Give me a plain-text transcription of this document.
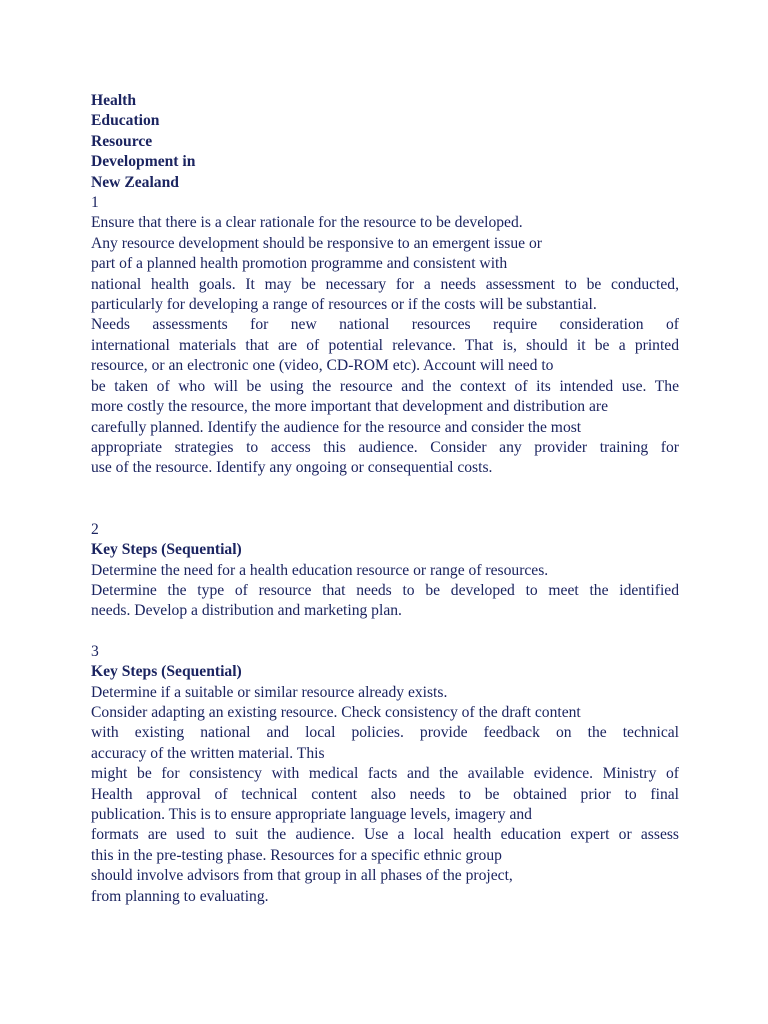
Health
Education
Resource
Development in
New Zealand
1
Ensure that there is a clear rationale for the resource to be developed.
Any resource development should be responsive to an emergent issue or
part of a planned health promotion programme and consistent with
national health goals. It may be necessary for a needs assessment to be conducted,
particularly for developing a range of resources or if the costs will be substantial.
Needs assessments for new national resources require consideration of
international materials that are of potential relevance. That is, should it be a printed
resource, or an electronic one (video, CD-ROM etc). Account will need to
be taken of who will be using the resource and the context of its intended use. The
more costly the resource, the more important that development and distribution are
carefully planned. Identify the audience for the resource and consider the most
appropriate strategies to access this audience. Consider any provider training for
use of the resource. Identify any ongoing or consequential costs.
2
Key Steps (Sequential)
Determine the need for a health education resource or range of resources.
Determine the type of resource that needs to be developed to meet the identified
needs. Develop a distribution and marketing plan.
3
Key Steps (Sequential)
Determine if a suitable or similar resource already exists.
Consider adapting an existing resource. Check consistency of the draft content
with existing national and local policies. provide feedback on the technical
accuracy of the written material. This
might be for consistency with medical facts and the available evidence. Ministry of
Health approval of technical content also needs to be obtained prior to final
publication. This is to ensure appropriate language levels, imagery and
formats are used to suit the audience. Use a local health education expert or assess
this in the pre-testing phase. Resources for a specific ethnic group
should involve advisors from that group in all phases of the project,
from planning to evaluating.
